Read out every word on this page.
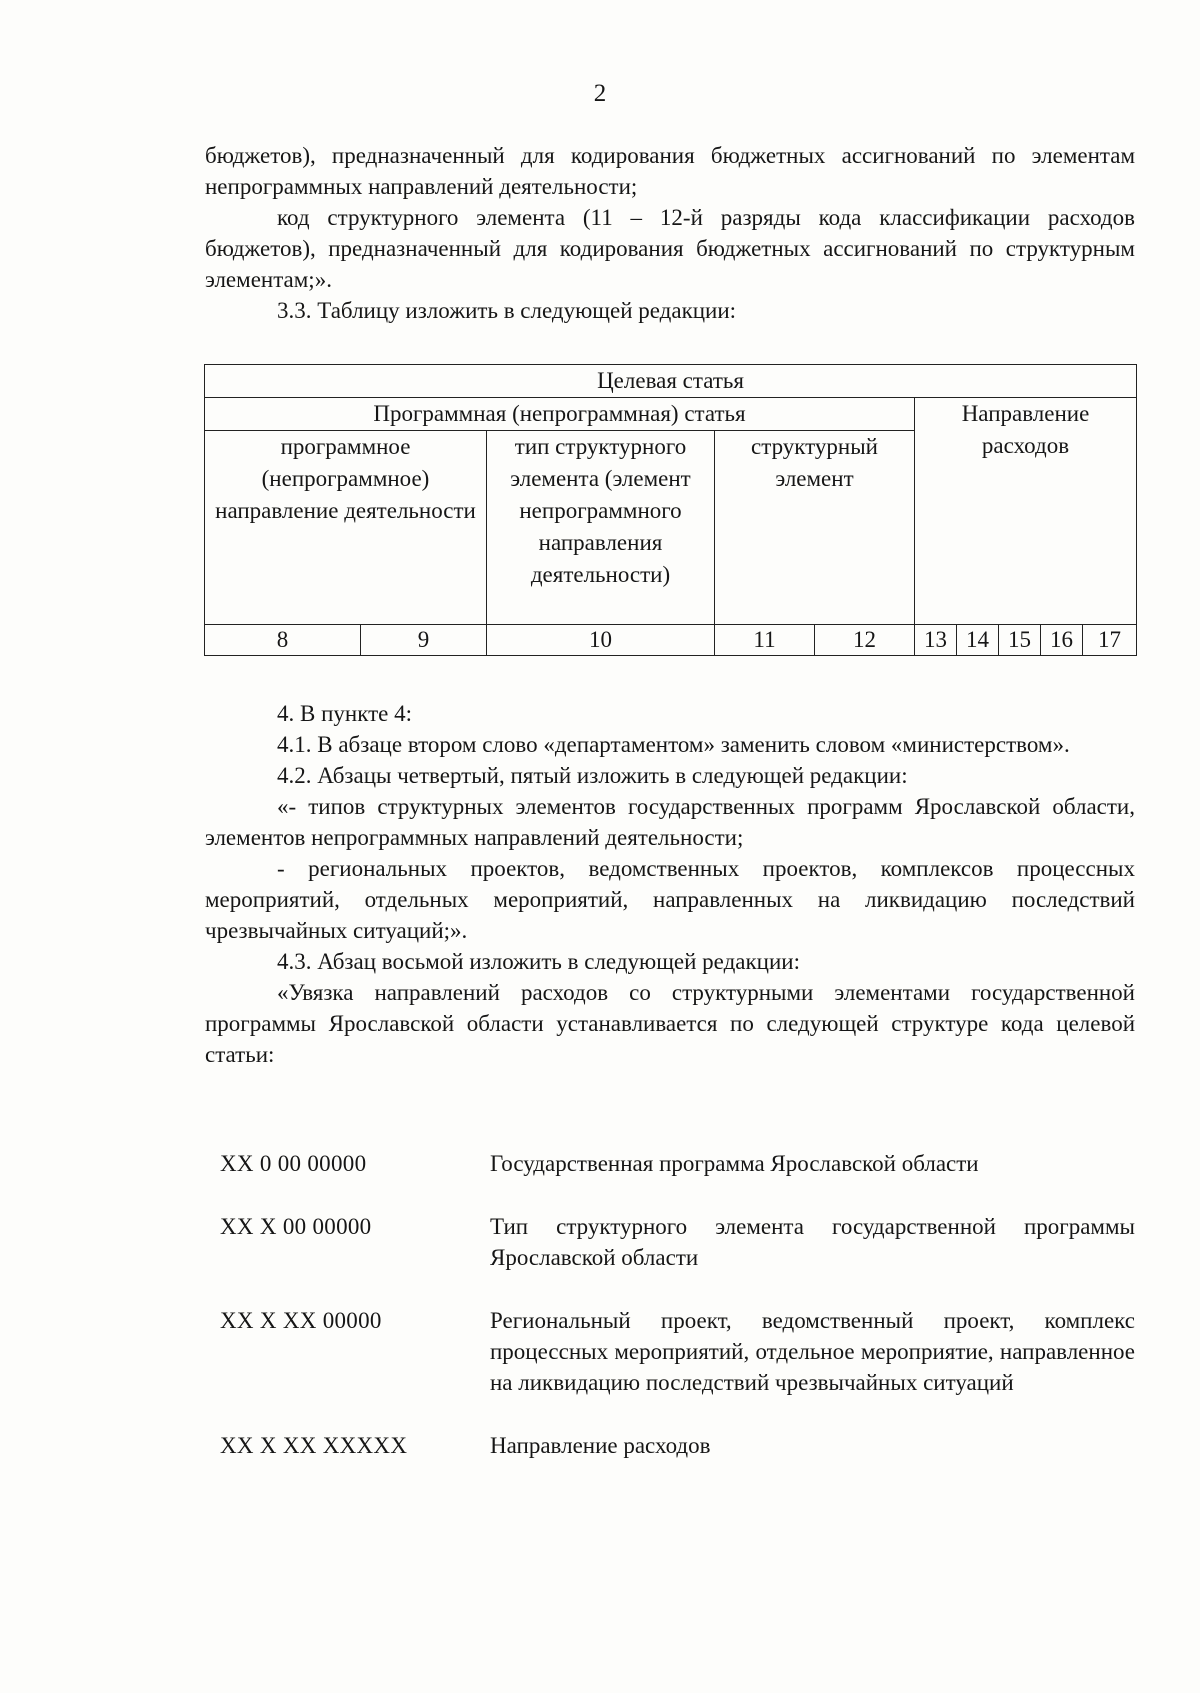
2

бюджетов), предназначенный для кодирования бюджетных ассигнований по элементам непрограммных направлений деятельности;

код структурного элемента (11 – 12-й разряды кода классификации расходов бюджетов), предназначенный для кодирования бюджетных ассигнований по структурным элементам;».

3.3. Таблицу изложить в следующей редакции:

Целевая статья									
Программная (непрограммная) статья					Направление расходов				
программное (непрограммное) направление деятельности		тип структурного элемента (элемент непрограммного направления деятельности)	структурный элемент						
8	9	10	11	12	13	14	15	16	17

4. В пункте 4:

4.1. В абзаце втором слово «департаментом» заменить словом «министерством».

4.2. Абзацы четвертый, пятый изложить в следующей редакции:

«- типов структурных элементов государственных программ Ярославской области, элементов непрограммных направлений деятельности;

- региональных проектов, ведомственных проектов, комплексов процессных мероприятий, отдельных мероприятий, направленных на ликвидацию последствий чрезвычайных ситуаций;».

4.3. Абзац восьмой изложить в следующей редакции:

«Увязка направлений расходов со структурными элементами государственной программы Ярославской области устанавливается по следующей структуре кода целевой статьи:

XX 0 00 00000	Государственная программа Ярославской области
XX X 00 00000	Тип структурного элемента государственной программы Ярославской области
XX X XX 00000	Региональный проект, ведомственный проект, комплекс процессных мероприятий, отдельное мероприятие, направленное на ликвидацию последствий чрезвычайных ситуаций
XX X XX XXXXX	Направление расходов
